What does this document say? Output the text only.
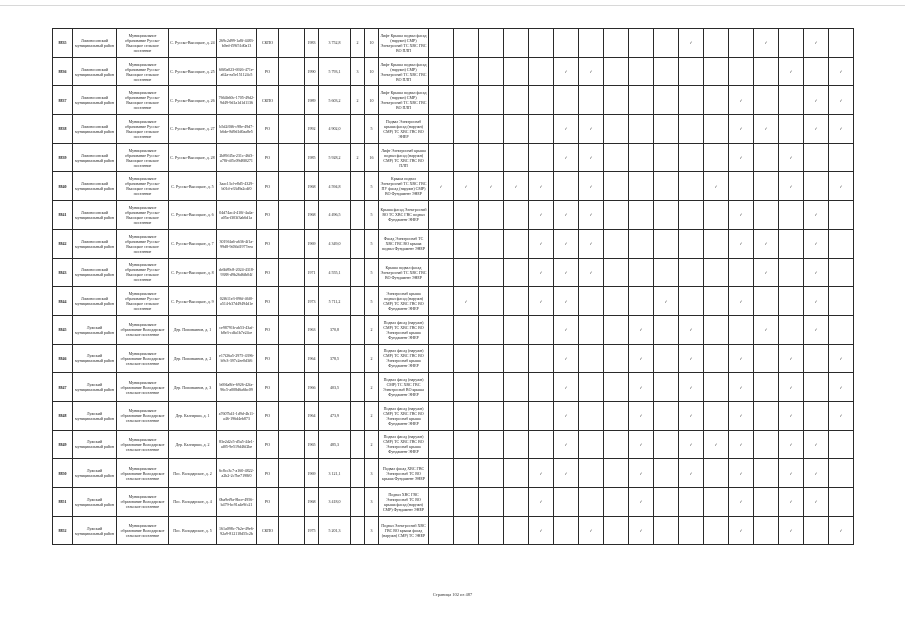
8835	Ломоносовский муниципальный район	Муниципальное образование Русско-Высоцкое сельское поселение	С. Русско-Высоцкое, д. 24	269c2d99-1a8f-4483-b0ed-f59f51d0a13	СКПО		1983	3 752,8	2	10	Лифт Крыша подвал фасад (наружн) СМР) Электроснаб ТС ХВС ГВС ВО ПЛП											✓			✓		✓	
8836	Ломоносовский муниципальный район	Муниципальное образование Русско-Высоцкое сельское поселение	С. Русско-Высоцкое, д. 25	60f0a023-6926-471e-a62a-ea5e151124c5	РО		1990	5 793,1	3	10	Лифт Крыша подвал фасад (наружн) СМР) Электроснаб ТС ХВС ГВС ВО ПЛП						✓	✓								✓		✓
8837	Ломоносовский муниципальный район	Муниципальное образование Русско-Высоцкое сельское поселение	С. Русско-Высоцкое, д. 26	7664b60c-1705-49d2-9d49-9d1a1d1d1136	СКПО		1989	5 603,2	2	10	Лифт Крыша подвал фасад (наружн) СМР) Электроснаб ТС ХВС ГВС ВО ПЛП													✓			✓	✓
8838	Ломоносовский муниципальный район	Муниципальное образование Русско-Высоцкое сельское поселение	С. Русско-Высоцкое, д. 27	b5d2f0f6-c98e-49d7-b6de-8d9d1d0aa8e5	РО		1992	4 902,0		5	Подвал Электроснаб крыша фасад (наружн) СМР) ТС ХВС ГВС ВО ЭНЕР						✓	✓						✓	✓		✓	✓
8839	Ломоносовский муниципальный район	Муниципальное образование Русско-Высоцкое сельское поселение	С. Русско-Высоцкое, д. 28	2b89f45a-231c-46f3-a78f-df5c09d8f0271	РО		1985	5 928,2	2	16	Лифт Электроснаб крыша подвал фасад (наружн) СМР) ТС ХВС ГВС ВО ПЛП						✓	✓						✓		✓		
8840	Ломоносовский муниципальный район	Муниципальное образование Русско-Высоцкое сельское поселение	С. Русско-Высоцкое, д. 5	3aac13cf-e8d5-4329-b01d-e33d9a2cdf0	РО		1968	4 594,8		5	Крыша подвал Электроснаб ТС ХВС ГВС ПУ фасад (наружн) СМР) ВО Фундамент ЭНЕР	✓	✓	✓	✓	✓		✓					✓			✓		✓
8841	Ломоносовский муниципальный район	Муниципальное образование Русско-Высоцкое сельское поселение	С. Русско-Высоцкое, д. 6	04d74ac4-410f-4a4a-a05a-f303f3ab6d1a	РО		1968	4 496,5		5	Крыша фасад Электроснаб ВО ТС ХВС ГВС подвал Фундамент ЭНЕР					✓	✓	✓						✓			✓	
8842	Ломоносовский муниципальный район	Муниципальное образование Русско-Высоцкое сельское поселение	С. Русско-Высоцкое, д. 7	3019f4a6-a636-4f1a-99d8-9d36d1977eea	РО		1969	4 349,0		5	Фасад Электроснаб ТС ХВС ГВС ВО крыша подвал Фундамент ЭНЕР					✓	✓	✓						✓	✓		✓	
8843	Ломоносовский муниципальный район	Муниципальное образование Русско-Высоцкое сельское поселение	С. Русско-Высоцкое, д. 8	dc6b89c8-2024-4318-9388-d9b26d6fb04f	РО		1971	4 555,1		5	Крыша подвал фасад Электроснаб ТС ХВС ГВС ВО Фундамент ЭНЕР					✓	✓	✓							✓		✓	
8844	Ломоносовский муниципальный район	Муниципальное образование Русско-Высоцкое сельское поселение	С. Русско-Высоцкое, д. 9	02f611e3-096f-46f0-a514-b37d49494d1e	РО		1973	5 711,2		5	Электроснаб крыша подвал фасад (наружн) СМР) ТС ХВС ГВС ВО Фундамент ЭНЕР		✓			✓	✓				✓			✓			✓	
8845	Лужский муниципальный район	Муниципальное образование Володарское сельское поселение	Дер. Поповкинов, д. 1	ce98791b-ab53-43af-b8e3-cdfa1b7e24ce	РО		1963	370,8		2	Подвал фасад (наружн) СМР) ТС ХВС ГВС ВО Электроснаб крыша Фундамент ЭНЕР						✓			✓		✓			✓		✓	
8846	Лужский муниципальный район	Муниципальное образование Володарское сельское поселение	Дер. Поповкинов, д. 2	e17f26a5-2975-4396-b9c3-397c2ee0d3f6	РО		1964	378,5		2	Подвал фасад (наружн) СМР) ТС ХВС ГВС ВО Электроснаб крыша Фундамент ЭНЕР						✓			✓		✓		✓		✓		✓
8847	Лужский муниципальный район	Муниципальное образование Володарское сельское поселение	Дер. Поповкинов, д. 3	b694a8fe-6926-42fa-96c5-a008d6a6bc09	РО		1966	403,5		2	Подвал фасад (наружн) СМР) ТС ХВС ГВС Электроснаб ВО крыша Фундамент ЭНЕР						✓			✓		✓		✓		✓		✓
8848	Лужский муниципальный район	Муниципальное образование Володарское сельское поселение	Дер. Калгирши, д. 1	a7607b41-1d9d-4b11-a46-196d4eb873	РО		1964	473,9		2	Подвал фасад (наружн) СМР) ТС ХВС ГВС ВО Электроснаб крыша Фундамент ЭНЕР						✓			✓		✓		✓		✓		✓
8849	Лужский муниципальный район	Муниципальное образование Володарское сельское поселение	Дер. Калгирши, д. 2	83e2d2c5-d5a5-44e1-af05-9e519d46f2be	РО		1965	485,3		2	Подвал фасад (наружн) СМР) ТС ХВС ГВС ВО Электроснаб крыша Фундамент ЭНЕР						✓			✓		✓	✓	✓		✓	✓	
8850	Лужский муниципальный район	Муниципальное образование Володарское сельское поселение	Пос. Володарское, д. 2	6c8cc3c7-a160-4822-a2b2-2c7be7198f0	РО		1969	3 121,1		3	Подвал фасад ХВС ГВС Электроснаб ТС ВО крыша Фундамент ЭНЕР					✓	✓			✓		✓		✓		✓	✓	
8851	Лужский муниципальный район	Муниципальное образование Володарское сельское поселение	Пос. Володарское, д. 4	0ba9ef9a-8bce-4956-b479-bc91a4e9fc21	РО		1968	3 418,0		3	Подвал ХВС ГВС Электроснаб ТС ВО крыша фасад (наружн) СМР) Фундамент ЭНЕР					✓				✓				✓		✓	✓	
8852	Лужский муниципальный район	Муниципальное образование Володарское сельское поселение	Пос. Володарское, д. 5	161a098c-7b2e-49e6-92a9-812118d55c2b	СКПО		1975	5 201,3		3	Подвал Электроснаб ХВС ГВС ВО крыша фасад (наружн) СМР) ТС ЭНЕР					✓		✓		✓				✓		✓		✓
Страница 102 из 487
